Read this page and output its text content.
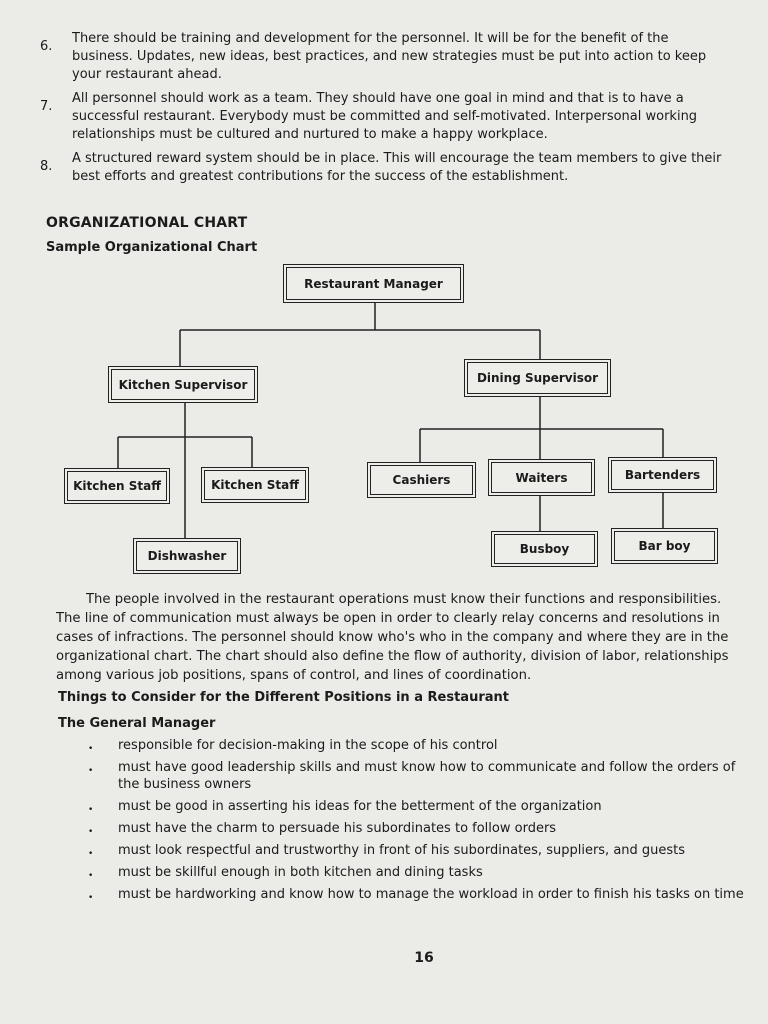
6.
There should be training and development for the personnel. It will be for the benefit of the business. Updates, new ideas, best practices, and new strategies must be put into action to keep your restaurant ahead.
7.
All personnel should work as a team. They should have one goal in mind and that is to have a successful restaurant. Everybody must be committed and self-motivated. Interpersonal working relationships must be cultured and nurtured to make a happy workplace.
8.
A structured reward system should be in place. This will encourage the team members to give their best efforts and greatest contributions for the success of the establishment.
ORGANIZATIONAL CHART
Sample Organizational Chart
Restaurant Manager
Kitchen Supervisor	Dining Supervisor
Kitchen Staff	Kitchen Staff
Dishwasher
Cashiers	Waiters	Bartenders
Busboy	Bar boy
The people involved in the restaurant operations must know their functions and responsibilities. The line of communication must always be open in order to clearly relay concerns and resolutions in cases of infractions. The personnel should know who's who in the company and where they are in the organizational chart. The chart should also define the flow of authority, division of labor, relationships among various job positions, spans of control, and lines of coordination.
Things to Consider for the Different Positions in a Restaurant
The General Manager
• responsible for decision-making in the scope of his control
• must have good leadership skills and must know how to communicate and follow the orders of the business owners
• must be good in asserting his ideas for the betterment of the organization
• must have the charm to persuade his subordinates to follow orders
• must look respectful and trustworthy in front of his subordinates, suppliers, and guests
• must be skillful enough in both kitchen and dining tasks
• must be hardworking and know how to manage the workload in order to finish his tasks on time
16
